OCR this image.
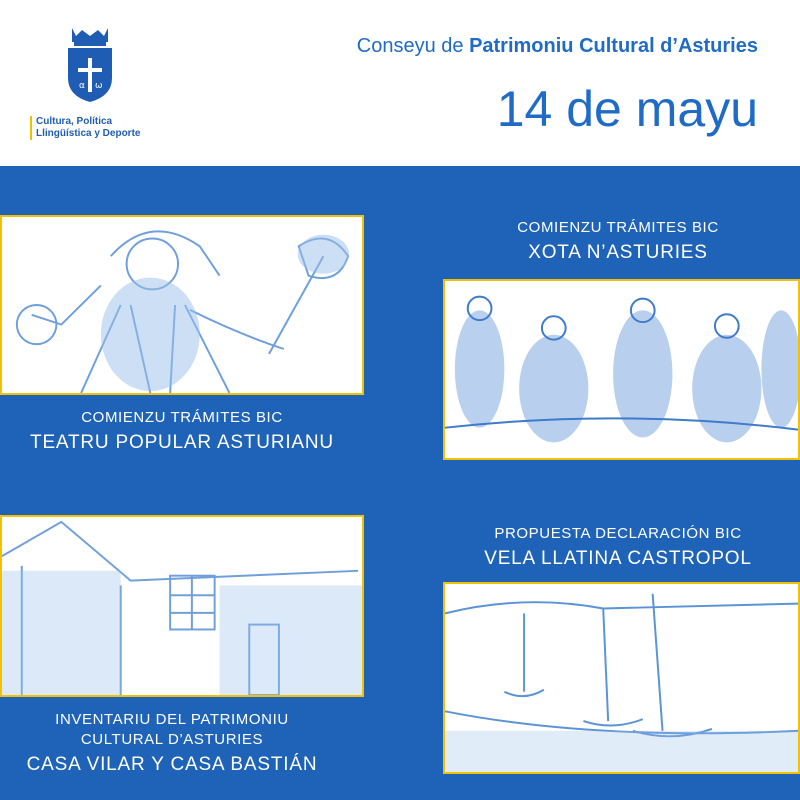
α ω
Cultura, Política
Llingüística y Deporte
Conseyu de Patrimoniu Cultural d’Asturies
14 de mayu
COMIENZU TRÁMITES BIC
TEATRU POPULAR ASTURIANU
COMIENZU TRÁMITES BIC
XOTA N’ASTURIES
INVENTARIU DEL PATRIMONIU
CULTURAL D’ASTURIES
CASA VILAR Y CASA BASTIÁN
PROPUESTA DECLARACIÓN BIC
VELA LLATINA CASTROPOL
